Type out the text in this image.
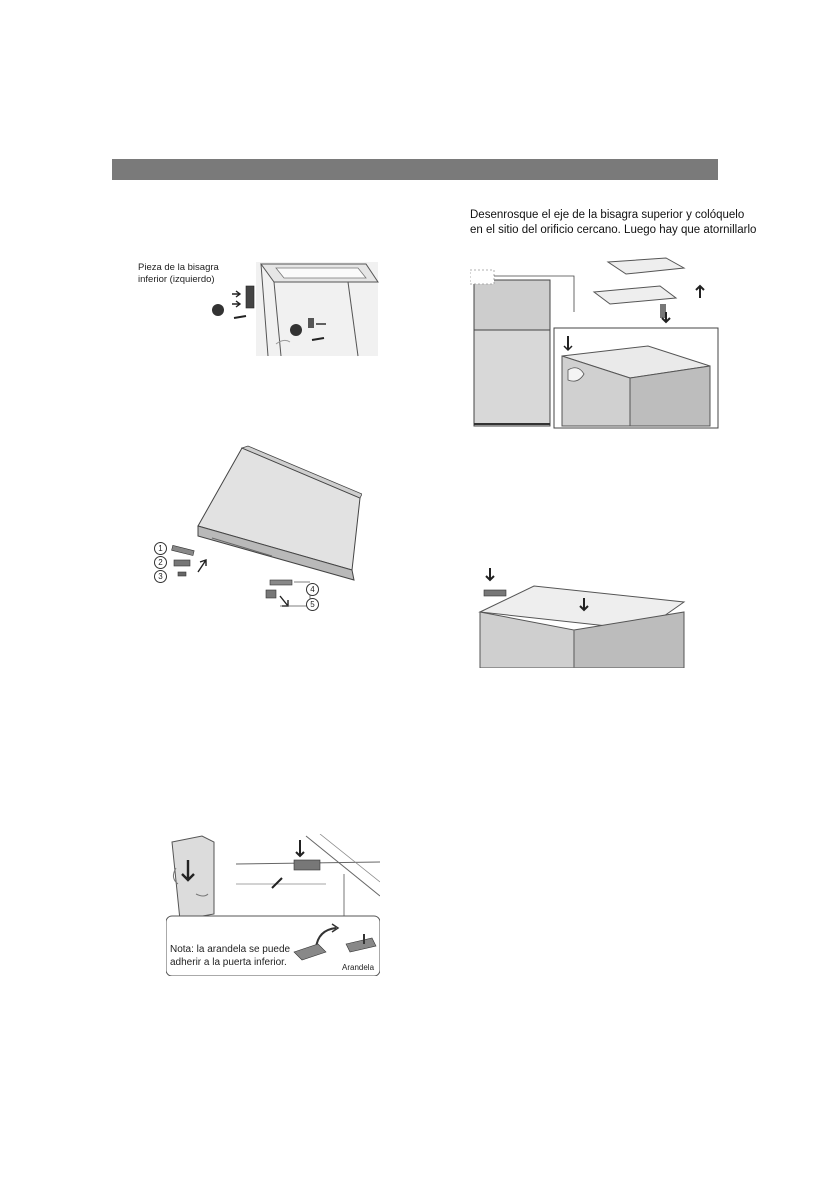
Pieza de la bisagra
inferior (izquierdo)
1
2
3
4
5
Nota: la arandela se puede
adherir a la puerta inferior.	Arandela
Desenrosque el eje de la bisagra superior y colóquelo
en el sitio del orificio cercano. Luego hay que atornillarlo
